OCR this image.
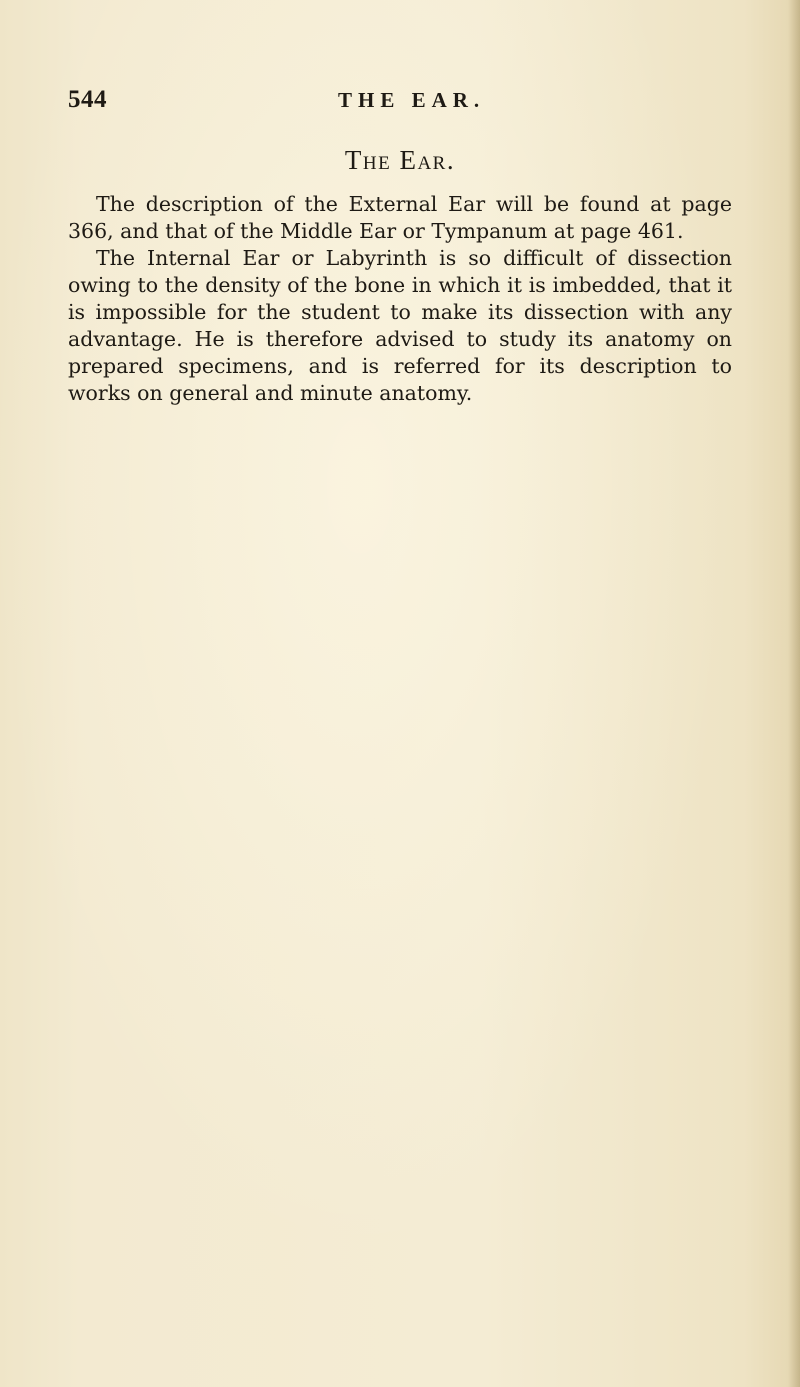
544	THE EAR.
The Ear.

The description of the External Ear will be found at page 366, and that of the Middle Ear or Tympanum at page 461.

The Internal Ear or Labyrinth is so difficult of dissection owing to the density of the bone in which it is imbedded, that it is impossible for the student to make its dissection with any advantage. He is therefore advised to study its anatomy on prepared specimens, and is referred for its description to works on general and minute anatomy.
